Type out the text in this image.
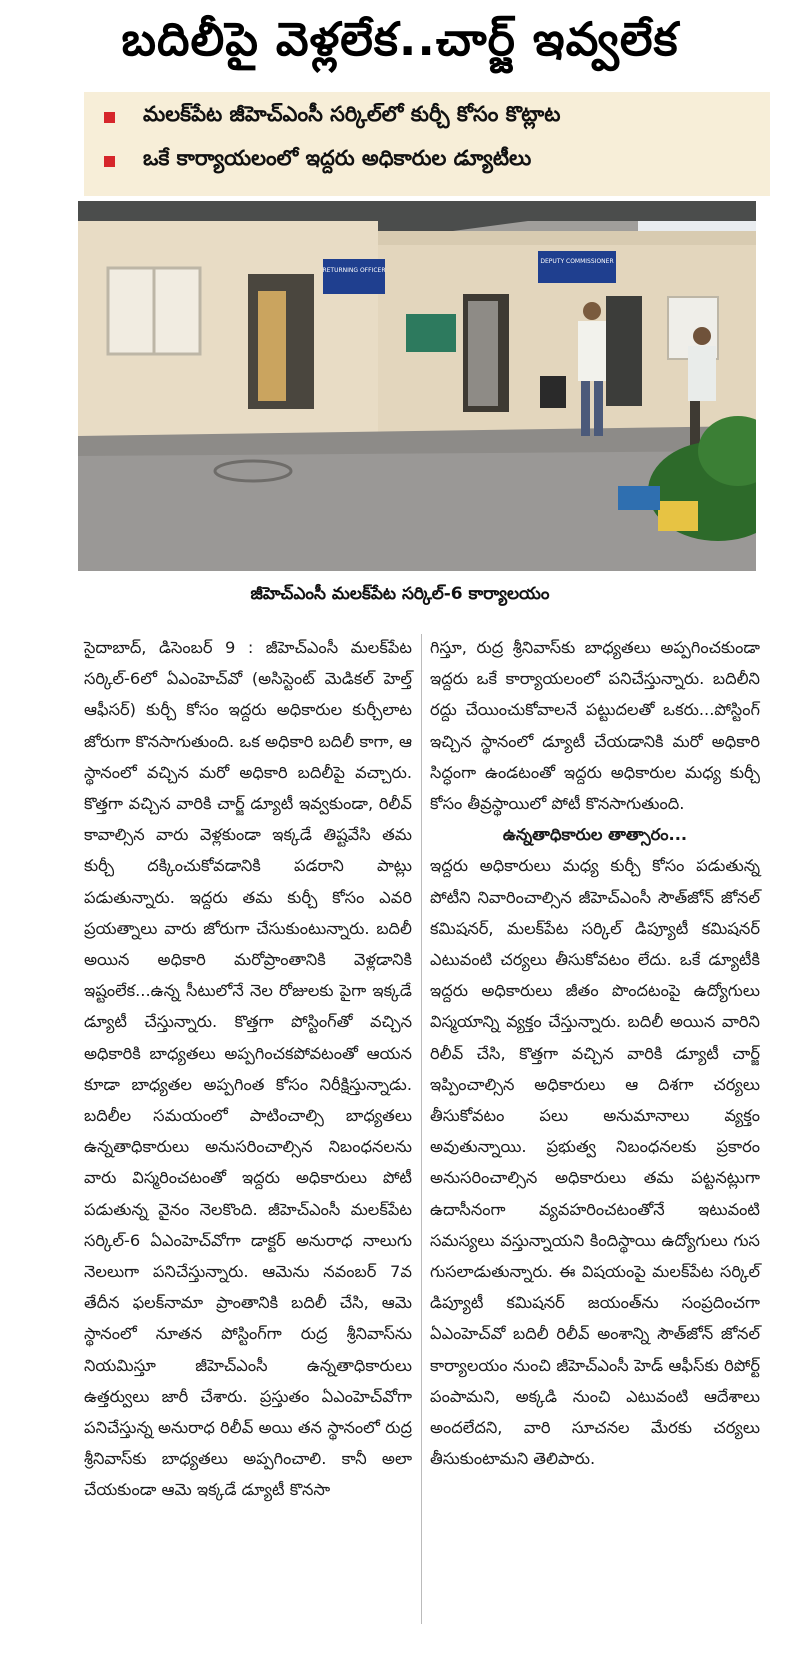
బదిలీపై వెళ్లలేక..చార్జ్ ఇవ్వలేక
మలక్‌పేట జీహెచ్‌ఎంసీ సర్కిల్‌లో కుర్చీ కోసం కొట్లాట
ఒకే కార్యాయలంలో ఇద్దరు అధికారుల డ్యూటీలు
RETURNING OFFICER
DEPUTY COMMISSIONER
జీహెచ్‌ఎంసీ మలక్‌పేట సర్కిల్‌-6 కార్యాలయం

సైదాబాద్‌, డిసెంబర్‌ 9 : జీహెచ్‌ఎంసీ మలక్‌పేట సర్కిల్‌-6లో ఏఎంహెచ్‌వో (అసిస్టెంట్‌ మెడికల్‌ హెల్త్‌ ఆఫీసర్‌) కుర్చీ కోసం ఇద్దరు అధికారుల కుర్చీలాట జోరుగా కొనసాగుతుంది. ఒక అధికారి బదిలీ కాగా, ఆ స్థానంలో వచ్చిన మరో అధికారి బదిలీపై వచ్చారు. కొత్తగా వచ్చిన వారికి చార్జ్‌ డ్యూటీ ఇవ్వకుండా, రిలీవ్‌ కావాల్సిన వారు వెళ్లకుండా ఇక్కడే తిష్టవేసి తమ కుర్చీ దక్కించుకోవడానికి పడరాని పాట్లు పడుతున్నారు. ఇద్దరు తమ కుర్చీ కోసం ఎవరి ప్రయత్నాలు వారు జోరుగా చేసుకుంటున్నారు. బదిలీ అయిన అధికారి మరోప్రాంతానికి వెళ్లడానికి ఇష్టంలేక...ఉన్న సీటులోనే నెల రోజులకు పైగా ఇక్కడే డ్యూటీ చేస్తున్నారు. కొత్తగా పోస్టింగ్‌తో వచ్చిన అధికారికి బాధ్యతలు అప్పగించకపోవటంతో ఆయన కూడా బాధ్యతల అప్పగింత కోసం నిరీక్షిస్తున్నాడు. బదిలీల సమయంలో పాటించాల్సి బాధ్యతలు ఉన్నతాధికారులు అనుసరించాల్సిన నిబంధనలను వారు విస్మరించటంతో ఇద్దరు అధికారులు పోటీ పడుతున్న వైనం నెలకొంది. జీహెచ్‌ఎంసీ మలక్‌పేట సర్కిల్‌-6 ఏఎంహెచ్‌వోగా డాక్టర్‌ అనురాధ నాలుగు నెలలుగా పనిచేస్తున్నారు. ఆమెను నవంబర్‌ 7వ తేదీన ఫలక్‌నామా ప్రాంతానికి బదిలీ చేసి, ఆమె స్థానంలో నూతన పోస్టింగ్‌గా రుద్ర శ్రీనివాస్‌ను నియమిస్తూ జీహెచ్‌ఎంసీ ఉన్నతాధికారులు ఉత్తర్వులు జారీ చేశారు. ప్రస్తుతం ఏఎంహెచ్‌వోగా పనిచేస్తున్న అనురాధ రిలీవ్‌ అయి తన స్థానంలో రుద్ర శ్రీనివాస్‌కు బాధ్యతలు అప్పగించాలి. కానీ అలా చేయకుండా ఆమె ఇక్కడే డ్యూటీ కొనసా

గిస్తూ, రుద్ర శ్రీనివాస్‌కు బాధ్యతలు అప్పగించకుండా ఇద్దరు ఒకే కార్యాయలంలో పనిచేస్తున్నారు. బదిలీని రద్దు చేయించుకోవాలనే పట్టుదలతో ఒకరు...పోస్టింగ్‌ ఇచ్చిన స్థానంలో డ్యూటీ చేయడానికి మరో అధికారి సిద్ధంగా ఉండటంతో ఇద్దరు అధికారుల మధ్య కుర్చీ కోసం తీవ్రస్థాయిలో పోటీ కొనసాగుతుంది.

ఉన్నతాధికారుల తాత్సారం...

ఇద్దరు అధికారులు మధ్య కుర్చీ కోసం పడుతున్న పోటీని నివారించాల్సిన జీహెచ్‌ఎంసీ సౌత్‌జోన్‌ జోనల్‌ కమిషనర్‌, మలక్‌పేట సర్కిల్‌ డిప్యూటీ కమిషనర్‌ ఎటువంటి చర్యలు తీసుకోవటం లేదు. ఒకే డ్యూటీకి ఇద్దరు అధికారులు జీతం పొందటంపై ఉద్యోగులు విస్మయాన్ని వ్యక్తం చేస్తున్నారు. బదిలీ అయిన వారిని రిలీవ్‌ చేసి, కొత్తగా వచ్చిన వారికి డ్యూటీ చార్జ్‌ ఇప్పించాల్సిన అధికారులు ఆ దిశగా చర్యలు తీసుకోవటం పలు అనుమానాలు వ్యక్తం అవుతున్నాయి. ప్రభుత్వ నిబంధనలకు ప్రకారం అనుసరించాల్సిన అధికారులు తమ పట్టనట్లుగా ఉదాసీనంగా వ్యవహరించటంతోనే ఇటువంటి సమస్యలు వస్తున్నాయని కిందిస్థాయి ఉద్యోగులు గుస గుసలాడుతున్నారు. ఈ విషయంపై మలక్‌పేట సర్కిల్‌ డిప్యూటీ కమిషనర్‌ జయంత్‌ను సంప్రదించగా ఏఎంహెచ్‌వో బదిలీ రిలీవ్‌ అంశాన్ని సౌత్‌జోన్‌ జోనల్‌ కార్యాలయం నుంచి జీహెచ్‌ఎంసీ హెడ్‌ ఆఫీస్‌కు రిపోర్ట్‌ పంపామని, అక్కడి నుంచి ఎటువంటి ఆదేశాలు అందలేదని, వారి సూచనల మేరకు చర్యలు తీసుకుంటామని తెలిపారు.
